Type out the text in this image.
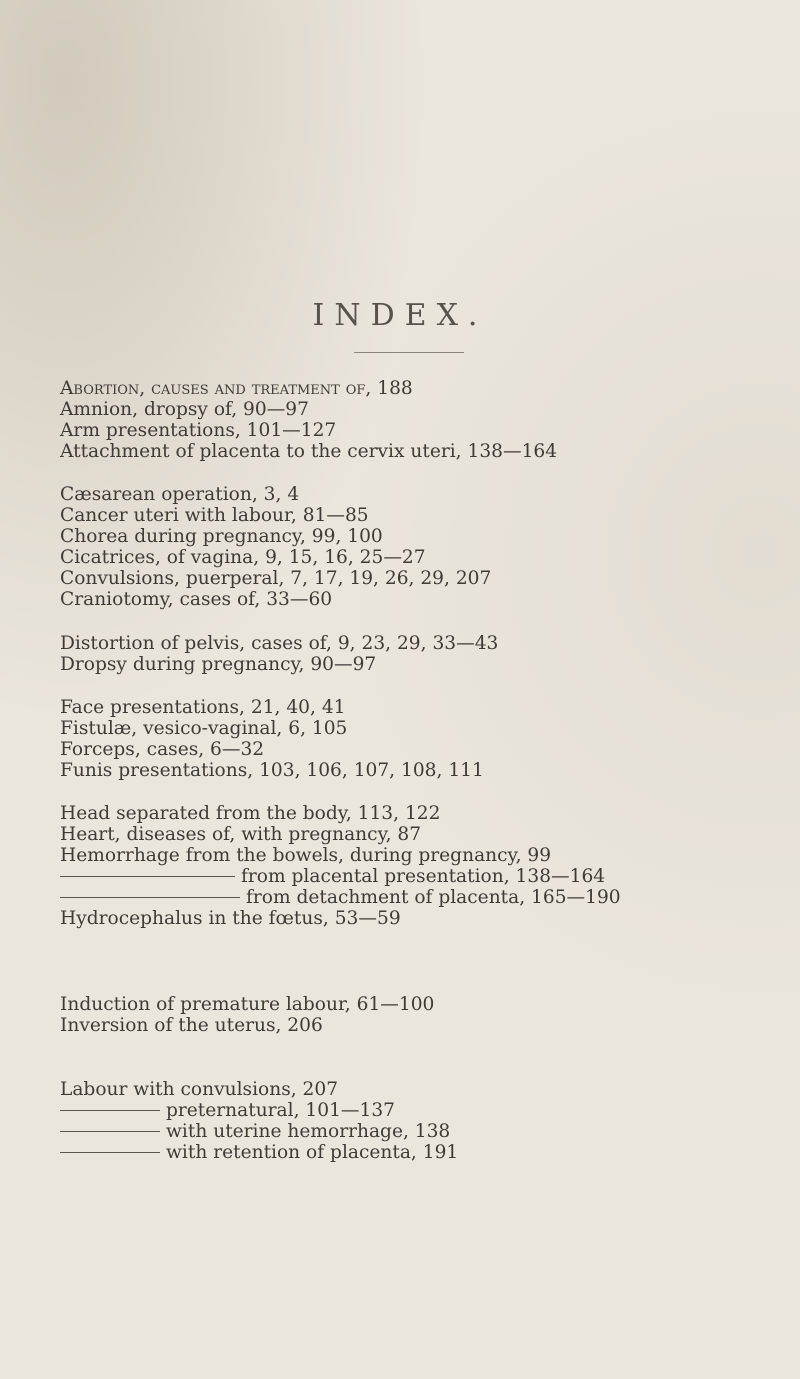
INDEX.
Abortion, causes and treatment of, 188
Amnion, dropsy of, 90—97
Arm presentations, 101—127
Attachment of placenta to the cervix uteri, 138—164
Cæsarean operation, 3, 4
Cancer uteri with labour, 81—85
Chorea during pregnancy, 99, 100
Cicatrices, of vagina, 9, 15, 16, 25—27
Convulsions, puerperal, 7, 17, 19, 26, 29, 207
Craniotomy, cases of, 33—60
Distortion of pelvis, cases of, 9, 23, 29, 33—43
Dropsy during pregnancy, 90—97
Face presentations, 21, 40, 41
Fistulæ, vesico-vaginal, 6, 105
Forceps, cases, 6—32
Funis presentations, 103, 106, 107, 108, 111
Head separated from the body, 113, 122
Heart, diseases of, with pregnancy, 87
Hemorrhage from the bowels, during pregnancy, 99
from placental presentation, 138—164
from detachment of placenta, 165—190
Hydrocephalus in the fœtus, 53—59
Induction of premature labour, 61—100
Inversion of the uterus, 206
Labour with convulsions, 207
preternatural, 101—137
with uterine hemorrhage, 138
with retention of placenta, 191
